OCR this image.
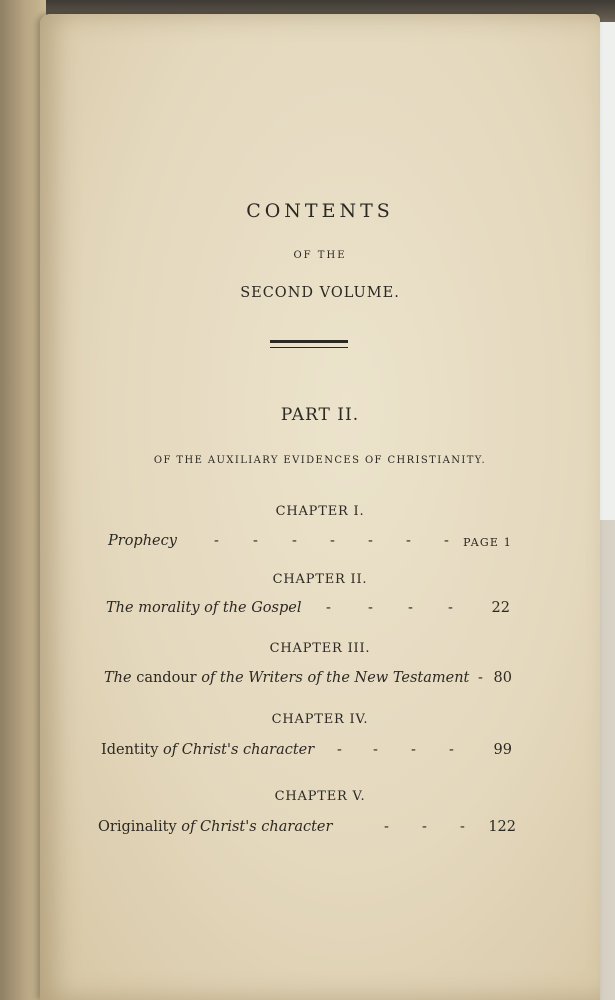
CONTENTS
OF THE
SECOND VOLUME.
PART II.
OF THE AUXILIARY EVIDENCES OF CHRISTIANITY.
CHAPTER I.
Prophecy	- - - - - - - PAGE 1
CHAPTER II.
The morality of the Gospel -	- - -	22
CHAPTER III.
The candour of the Writers of the New Testament - 80
CHAPTER IV.
Identity of Christ's character - - - -	99
CHAPTER V.
Originality of Christ's character	- - - 122
